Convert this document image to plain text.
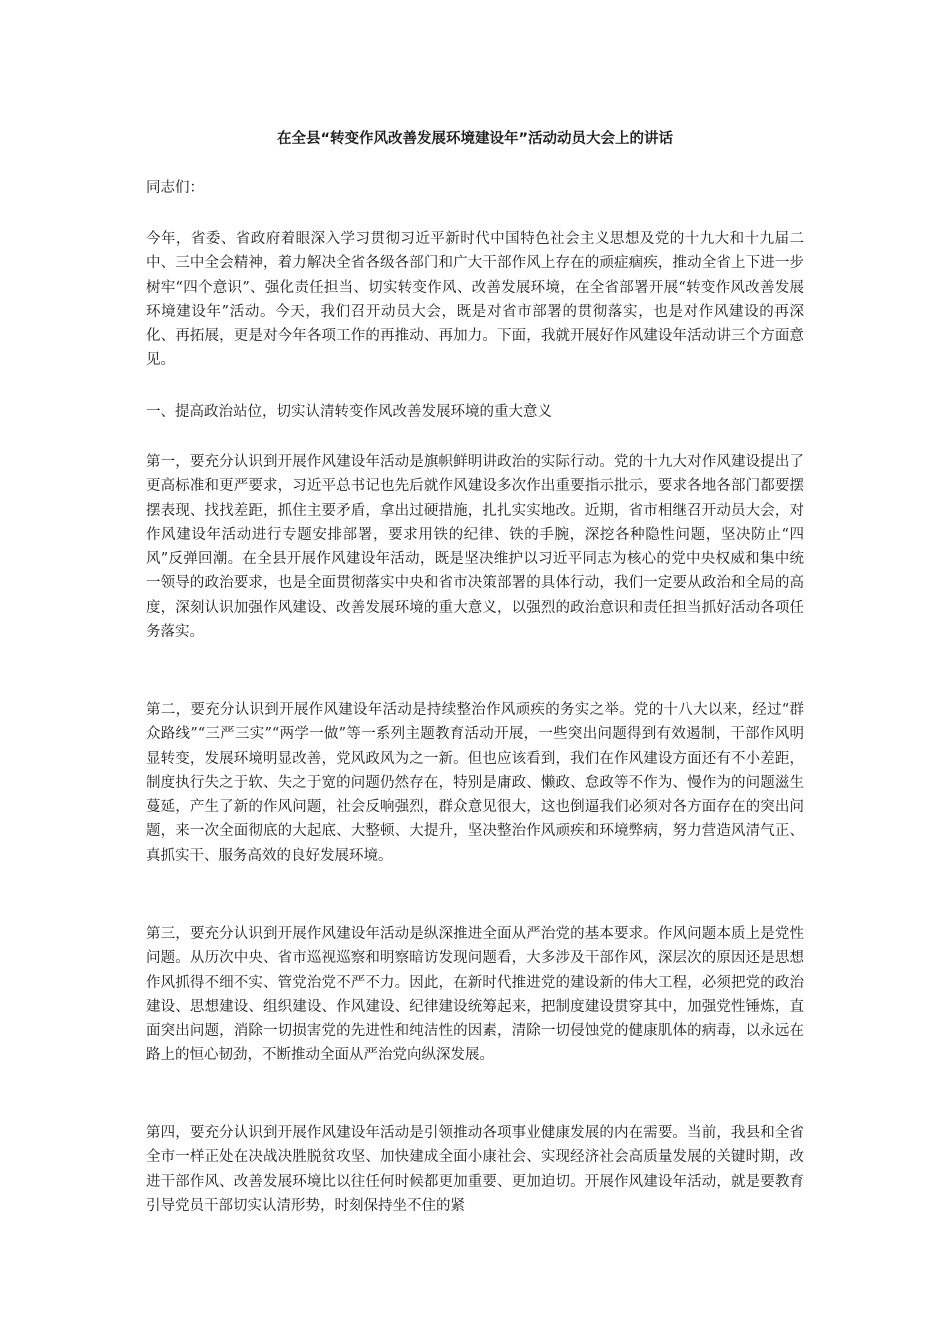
在全县“转变作风改善发展环境建设年”活动动员大会上的讲话

同志们：

今年，省委、省政府着眼深入学习贯彻习近平新时代中国特色社会主义思想及党的十九大和十九届二中、三中全会精神，着力解决全省各级各部门和广大干部作风上存在的顽症痼疾，推动全省上下进一步树牢“四个意识”、强化责任担当、切实转变作风、改善发展环境，在全省部署开展“转变作风改善发展环境建设年”活动。今天，我们召开动员大会，既是对省市部署的贯彻落实，也是对作风建设的再深化、再拓展，更是对今年各项工作的再推动、再加力。下面，我就开展好作风建设年活动讲三个方面意见。

一、提高政治站位，切实认清转变作风改善发展环境的重大意义

第一，要充分认识到开展作风建设年活动是旗帜鲜明讲政治的实际行动。党的十九大对作风建设提出了更高标准和更严要求，习近平总书记也先后就作风建设多次作出重要指示批示，要求各地各部门都要摆摆表现、找找差距，抓住主要矛盾，拿出过硬措施，扎扎实实地改。近期，省市相继召开动员大会，对作风建设年活动进行专题安排部署，要求用铁的纪律、铁的手腕，深挖各种隐性问题，坚决防止“四风”反弹回潮。在全县开展作风建设年活动，既是坚决维护以习近平同志为核心的党中央权威和集中统一领导的政治要求，也是全面贯彻落实中央和省市决策部署的具体行动，我们一定要从政治和全局的高度，深刻认识加强作风建设、改善发展环境的重大意义，以强烈的政治意识和责任担当抓好活动各项任务落实。

第二，要充分认识到开展作风建设年活动是持续整治作风顽疾的务实之举。党的十八大以来，经过“群众路线”“三严三实”“两学一做”等一系列主题教育活动开展，一些突出问题得到有效遏制，干部作风明显转变，发展环境明显改善，党风政风为之一新。但也应该看到，我们在作风建设方面还有不小差距，制度执行失之于软、失之于宽的问题仍然存在，特别是庸政、懒政、怠政等不作为、慢作为的问题滋生蔓延，产生了新的作风问题，社会反响强烈，群众意见很大，这也倒逼我们必须对各方面存在的突出问题，来一次全面彻底的大起底、大整顿、大提升，坚决整治作风顽疾和环境弊病，努力营造风清气正、真抓实干、服务高效的良好发展环境。

第三，要充分认识到开展作风建设年活动是纵深推进全面从严治党的基本要求。作风问题本质上是党性问题。从历次中央、省市巡视巡察和明察暗访发现问题看，大多涉及干部作风，深层次的原因还是思想作风抓得不细不实、管党治党不严不力。因此，在新时代推进党的建设新的伟大工程，必须把党的政治建设、思想建设、组织建设、作风建设、纪律建设统筹起来，把制度建设贯穿其中，加强党性锤炼，直面突出问题，消除一切损害党的先进性和纯洁性的因素，清除一切侵蚀党的健康肌体的病毒，以永远在路上的恒心韧劲，不断推动全面从严治党向纵深发展。

第四，要充分认识到开展作风建设年活动是引领推动各项事业健康发展的内在需要。当前，我县和全省全市一样正处在决战决胜脱贫攻坚、加快建成全面小康社会、实现经济社会高质量发展的关键时期，改进干部作风、改善发展环境比以往任何时候都更加重要、更加迫切。开展作风建设年活动，就是要教育引导党员干部切实认清形势，时刻保持坐不住的紧
